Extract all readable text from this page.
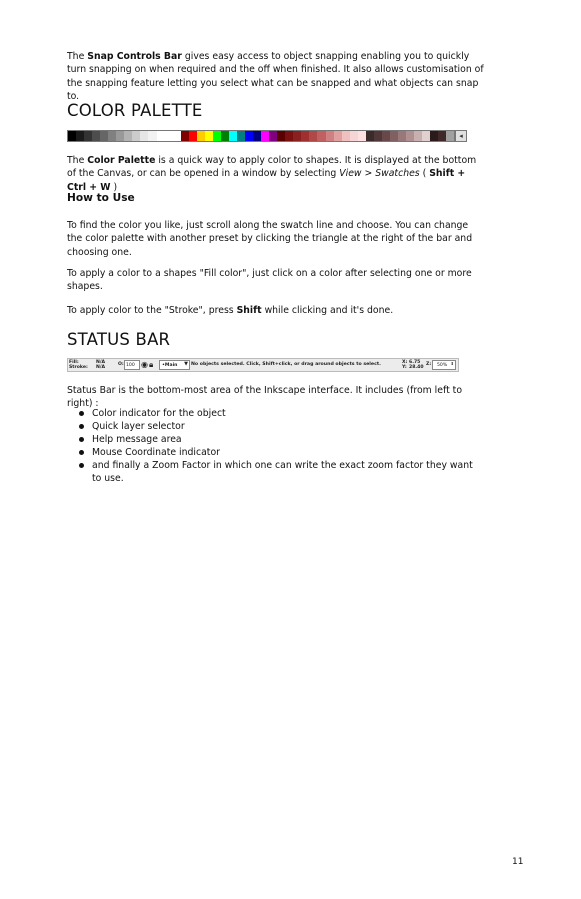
The Snap Controls Bar gives easy access to object snapping enabling you to quickly turn snapping on when required and the off when finished. It also allows customisation of the snapping feature letting you select what can be snapped and what objects can snap to.

COLOR PALETTE
◂

The Color Palette is a quick way to apply color to shapes. It is displayed at the bottom of the Canvas, or can be opened in a window by selecting View > Swatches ( Shift + Ctrl + W )

How to Use

To find the color you like, just scroll along the swatch line and choose. You can change the color palette with another preset by clicking the triangle at the right of the bar and choosing one.

To apply a color to a shapes "Fill color", just click on a color after selecting one or more shapes.

To apply color to the "Stroke", press Shift while clicking and it's done.

STATUS BAR
Fill:
Stroke:
N/A
N/A
O: 100 ◉ 🔒︎ •Main ▼ No objects selected. Click, Shift+click, or drag around objects to select.	X:
Y:
6.75
28.40
Z: 50% ⬍

Status Bar is the bottom-most area of the Inkscape interface. It includes (from left to right) :

Color indicator for the object
Quick layer selector
Help message area
Mouse Coordinate indicator
and finally a Zoom Factor in which one can write the exact zoom factor they want to use.
11
